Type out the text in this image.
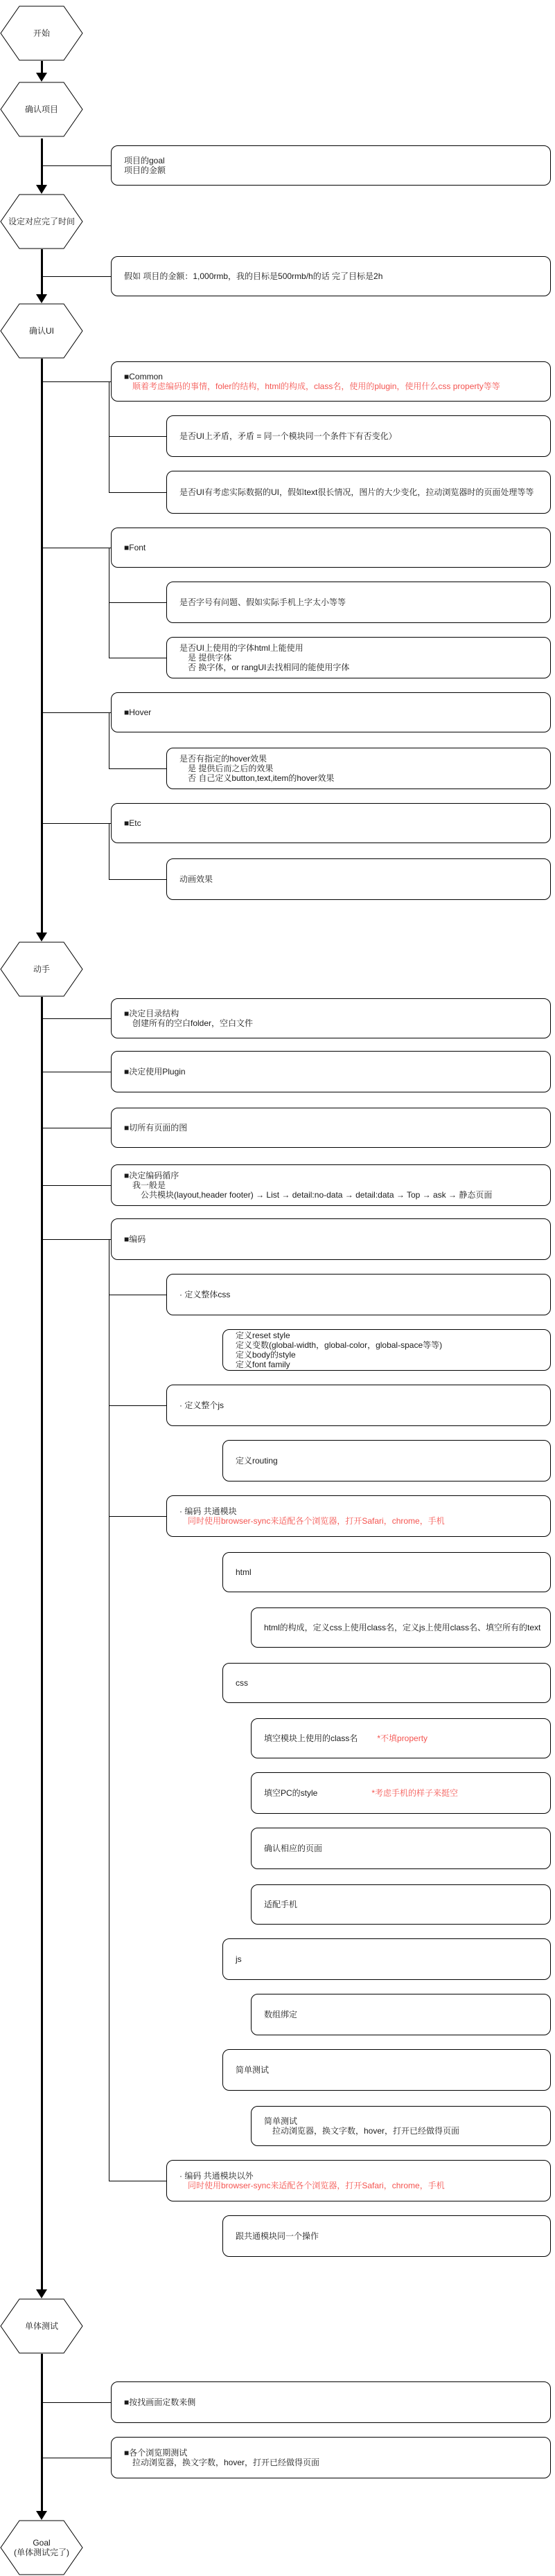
项目的goal
项目的金额
假如 项目的金额：1,000rmb，我的目标是500rmb/h的话 完了目标是2h
■Common
顺着考虑编码的事情，foler的结构，html的构成，class名，使用的plugin，使用什么css property等等
是否UI上矛盾，矛盾 = 同一个模块同一个条件下有否变化）
是否UI有考虑实际数据的UI，假如text很长情况，图片的大少变化，拉动浏览器时的页面处理等等
■Font
是否字号有问题、假如实际手机上字太小等等
是否UI上使用的字体html上能使用
是 提供字体
否 换字体，or rangUI去找相同的能使用字体
■Hover
是否有指定的hover效果
是 提供后而之后的效果
否 自己定义button,text,item的hover效果
■Etc
动画效果
■决定目录结构
创建所有的空白folder，空白文件
■决定使用Plugin
■切所有页面的图
■决定编码循序
我一般是
公共模块(layout,header footer) → List → detail:no-data → detail:data → Top → ask → 静态页面
■编码
· 定义整体css
定义reset style
定义变数(global-width，global-color，global-space等等)
定义body的style
定义font family
· 定义整个js
定义routing
· 编码 共通模块
同时使用browser-sync来适配各个浏览器，打开Safari，chrome，手机
html
html的构成，定义css上使用class名，定义js上使用class名、填空所有的text
css
填空模块上使用的class名 *不填property
填空PC的style	*考虑手机的样子来挺空
确认相应的页面
适配手机
js
数组绑定
简单测试
简单测试
拉动浏览器，换文字数，hover，打开已经做得页面
· 编码 共通模块以外
同时使用browser-sync来适配各个浏览器，打开Safari，chrome，手机
跟共通模块同一个操作
■按找画面定数来侧
■各个浏览期测试
拉动浏览器，换文字数，hover，打开已经做得页面
开始
确认项目
设定对应完了时间
确认UI
动手
单体测试
Goal
(单体测试完了)
